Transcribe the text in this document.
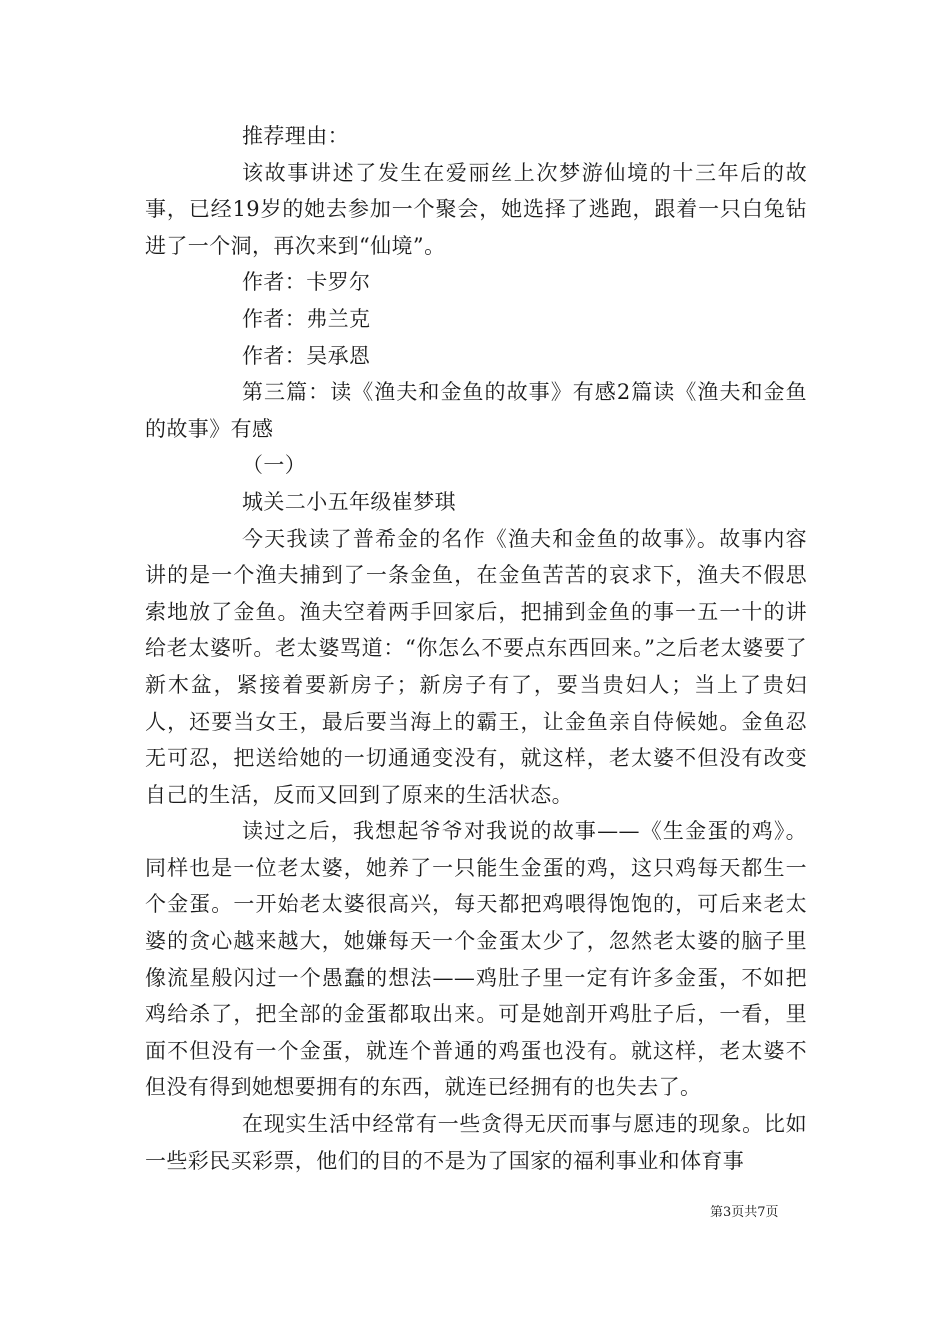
推荐理由：

该故事讲述了发生在爱丽丝上次梦游仙境的十三年后的故事，已经19岁的她去参加一个聚会，她选择了逃跑，跟着一只白兔钻进了一个洞，再次来到“仙境”。

作者：卡罗尔

作者：弗兰克

作者：吴承恩

第三篇：读《渔夫和金鱼的故事》有感2篇读《渔夫和金鱼的故事》有感

（一）

城关二小五年级崔梦琪

今天我读了普希金的名作《渔夫和金鱼的故事》。故事内容讲的是一个渔夫捕到了一条金鱼，在金鱼苦苦的哀求下，渔夫不假思索地放了金鱼。渔夫空着两手回家后，把捕到金鱼的事一五一十的讲给老太婆听。老太婆骂道：“你怎么不要点东西回来。”之后老太婆要了新木盆，紧接着要新房子；新房子有了，要当贵妇人；当上了贵妇人，还要当女王，最后要当海上的霸王，让金鱼亲自侍候她。金鱼忍无可忍，把送给她的一切通通变没有，就这样，老太婆不但没有改变自己的生活，反而又回到了原来的生活状态。

读过之后，我想起爷爷对我说的故事——《生金蛋的鸡》。同样也是一位老太婆，她养了一只能生金蛋的鸡，这只鸡每天都生一个金蛋。一开始老太婆很高兴，每天都把鸡喂得饱饱的，可后来老太婆的贪心越来越大，她嫌每天一个金蛋太少了，忽然老太婆的脑子里像流星般闪过一个愚蠢的想法——鸡肚子里一定有许多金蛋，不如把鸡给杀了，把全部的金蛋都取出来。可是她剖开鸡肚子后，一看，里面不但没有一个金蛋，就连个普通的鸡蛋也没有。就这样，老太婆不但没有得到她想要拥有的东西，就连已经拥有的也失去了。

在现实生活中经常有一些贪得无厌而事与愿违的现象。比如一些彩民买彩票，他们的目的不是为了国家的福利事业和体育事

第3页共7页
